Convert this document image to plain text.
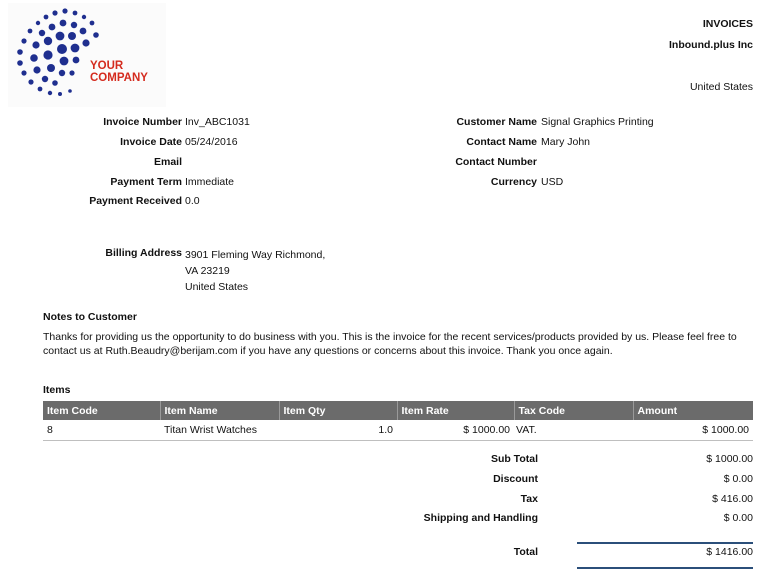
YOUR
COMPANY
INVOICES
Inbound.plus Inc
United States
Invoice Number Inv_ABC1031
Invoice Date 05/24/2016
Email
Payment Term Immediate
Payment Received 0.0
Customer Name Signal Graphics Printing
Contact Name Mary John
Contact Number
Currency USD
Billing Address 3901 Fleming Way Richmond,
VA 23219
United States
Notes to Customer
Thanks for providing us the opportunity to do business with you. This is the invoice for the recent services/products provided by us. Please feel free to contact us at Ruth.Beaudry@berijam.com if you have any questions or concerns about this invoice. Thank you once again.
Items
Item Code	Item Name	Item Qty	Item Rate	Tax Code	Amount
8	Titan Wrist Watches	1.0	$ 1000.00	VAT.	$ 1000.00
Sub Total	$ 1000.00
Discount	$ 0.00
Tax	$ 416.00
Shipping and Handling	$ 0.00
Total	$ 1416.00
